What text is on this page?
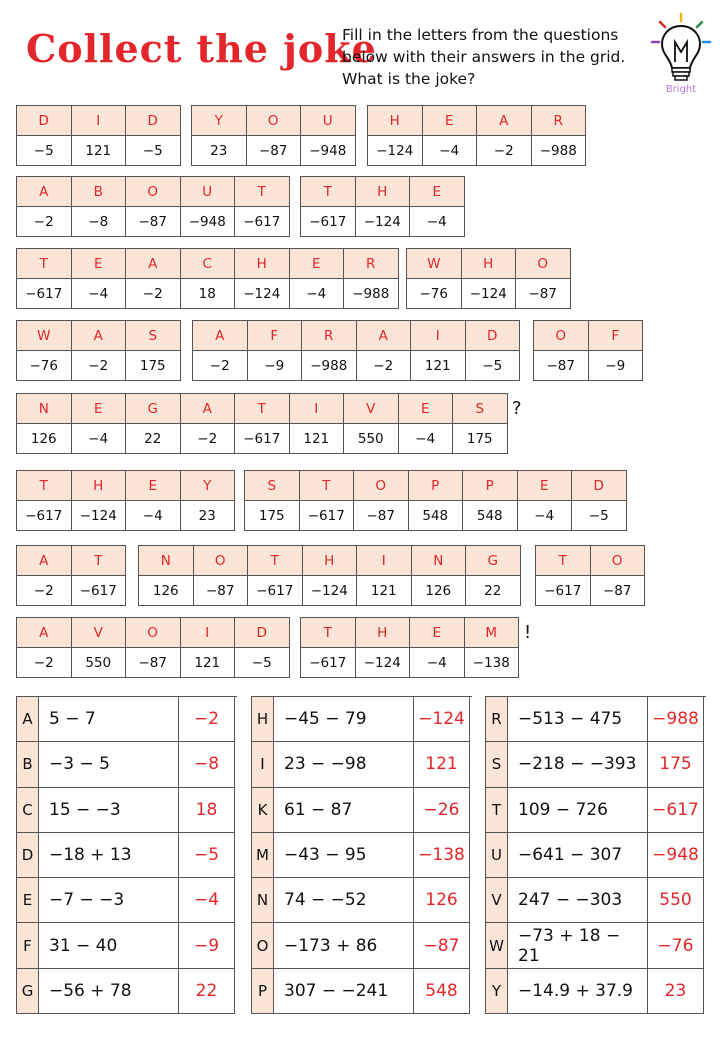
Collect the joke
Fill in the letters from the questions
below with their answers in the grid.
What is the joke?
Bright
D	I	D
−5	121	−5
Y	O	U
23	−87	−948
H	E	A	R
−124	−4	−2	−988
A	B	O	U	T
−2	−8	−87	−948	−617
T	H	E
−617	−124	−4
T	E	A	C	H	E	R
−617	−4	−2	18	−124	−4	−988
W	H	O
−76	−124	−87
W	A	S
−76	−2	175
A	F	R	A	I	D
−2	−9	−988	−2	121	−5
O	F
−87	−9
N	E	G	A	T	I	V	E	S
126	−4	22	−2	−617	121	550	−4	175
?
T	H	E	Y
−617	−124	−4	23
S	T	O	P	P	E	D
175	−617	−87	548	548	−4	−5
A	T
−2	−617
N	O	T	H	I	N	G
126	−87	−617	−124	121	126	22
T	O
−617	−87
A	V	O	I	D
−2	550	−87	121	−5
T	H	E	M
−617	−124	−4	−138
!
A 5 − 7	−2
B −3 − 5	−8
C 15 − −3	18
D −18 + 13	−5
E −7 − −3	−4
F	31 − 40	−9
G −56 + 78	22
H −45 − 79	−124
I	23 − −98	121
K 61 − 87	−26
M −43 − 95	−138
N 74 − −52	126
O −173 + 86	−87
P 307 − −241	548
R −513 − 475	−988
S −218 − −393	175
T 109 − 726	−617
U −641 − 307	−948
V 247 − −303	550
W −73 + 18 − 21	−76
Y −14.9 + 37.9	23
